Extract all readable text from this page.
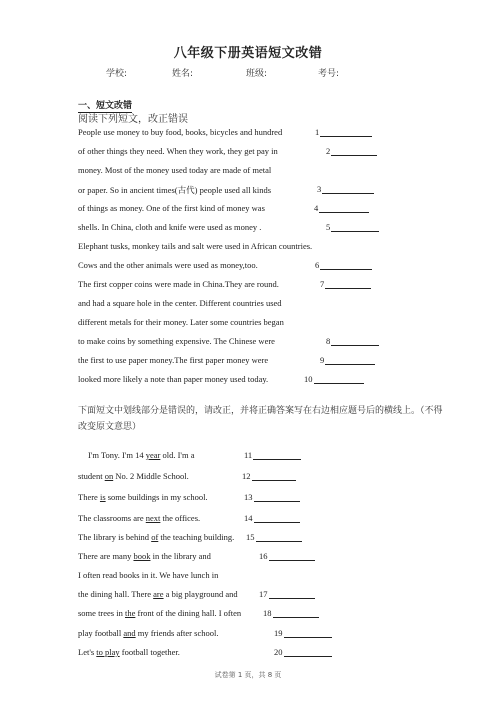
八年级下册英语短文改错
学校:	姓名:	班级:	考号:
一、短文改错
阅读下列短文，改正错误
People use money to buy food, books, bicycles and hundred
of other things they need. When they work, they get pay in
money. Most of the money used today are made of metal
or paper. So in ancient times(古代) people used all kinds
of things as money. One of the first kind of money was
shells. In China, cloth and knife were used as money .
Elephant tusks, monkey tails and salt were used in African countries.
Cows and the other animals were used as money,too.
The first copper coins were made in China.They are round.
and had a square hole in the center. Different countries used
different metals for their money. Later some countries began
to make coins by something expensive. The Chinese were
the first to use paper money.The first paper money were
looked more likely a note than paper money used today.
1
2
3
4
5
6
7
8
9
10
下面短文中划线部分是错误的，请改正，并将正确答案写在右边相应题号后的横线上。（不得改变原文意思）
I'm Tony. I'm 14 year old. I'm a
student on No. 2 Middle School.
There is some buildings in my school.
The classrooms are next the offices.
The library is behind of the teaching building.
There are many book in the library and
I often read books in it. We have lunch in
the dining hall. There are a big playground and
some trees in the front of the dining hall. I often
play football and my friends after school.
Let's to play football together.
11
12
13
14
15
16
17
18
19
20
试卷第 1 页，共 8 页
